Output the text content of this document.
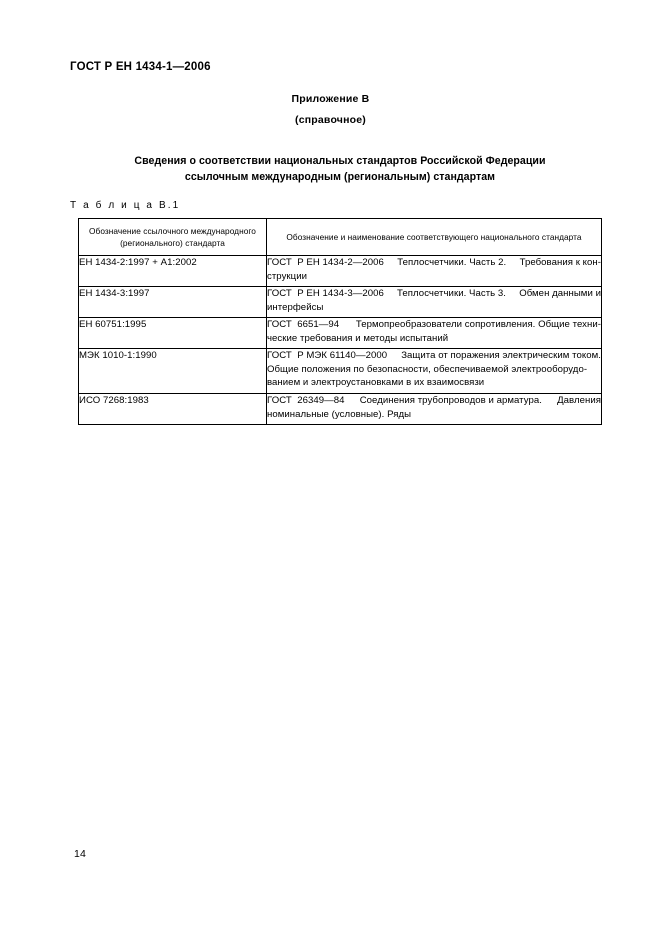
ГОСТ Р ЕН 1434-1—2006

Приложение В

(справочное)

Сведения о соответствии национальных стандартов Российской Федерации
ссылочным международным (региональным) стандартам
Т а б л и ц а В.1
Обозначение ссылочного международного
(регионального) стандарта	Обозначение и наименование соответствующего национального стандарта
ЕН 1434-2:1997 + А1:2002	ГОСТ  Р ЕН 1434-2—2006 Теплосчетчики. Часть 2. Требования к кон-
струкции

ЕН 1434-3:1997	ГОСТ  Р ЕН 1434-3—2006 Теплосчетчики. Часть 3. Обмен данными и
интерфейсы

ЕН 60751:1995	ГОСТ  6651—94 Термопреобразователи сопротивления. Общие техни-
ческие требования и методы испытаний

МЭК 1010-1:1990	ГОСТ  Р МЭК 61140—2000 Защита от поражения электрическим током.
Общие положения по безопасности, обеспечиваемой электрооборудо-
ванием и электроустановками в их взаимосвязи

ИСО 7268:1983	ГОСТ  26349—84 Соединения трубопроводов и арматура. Давления
номинальные (условные). Ряды
14
